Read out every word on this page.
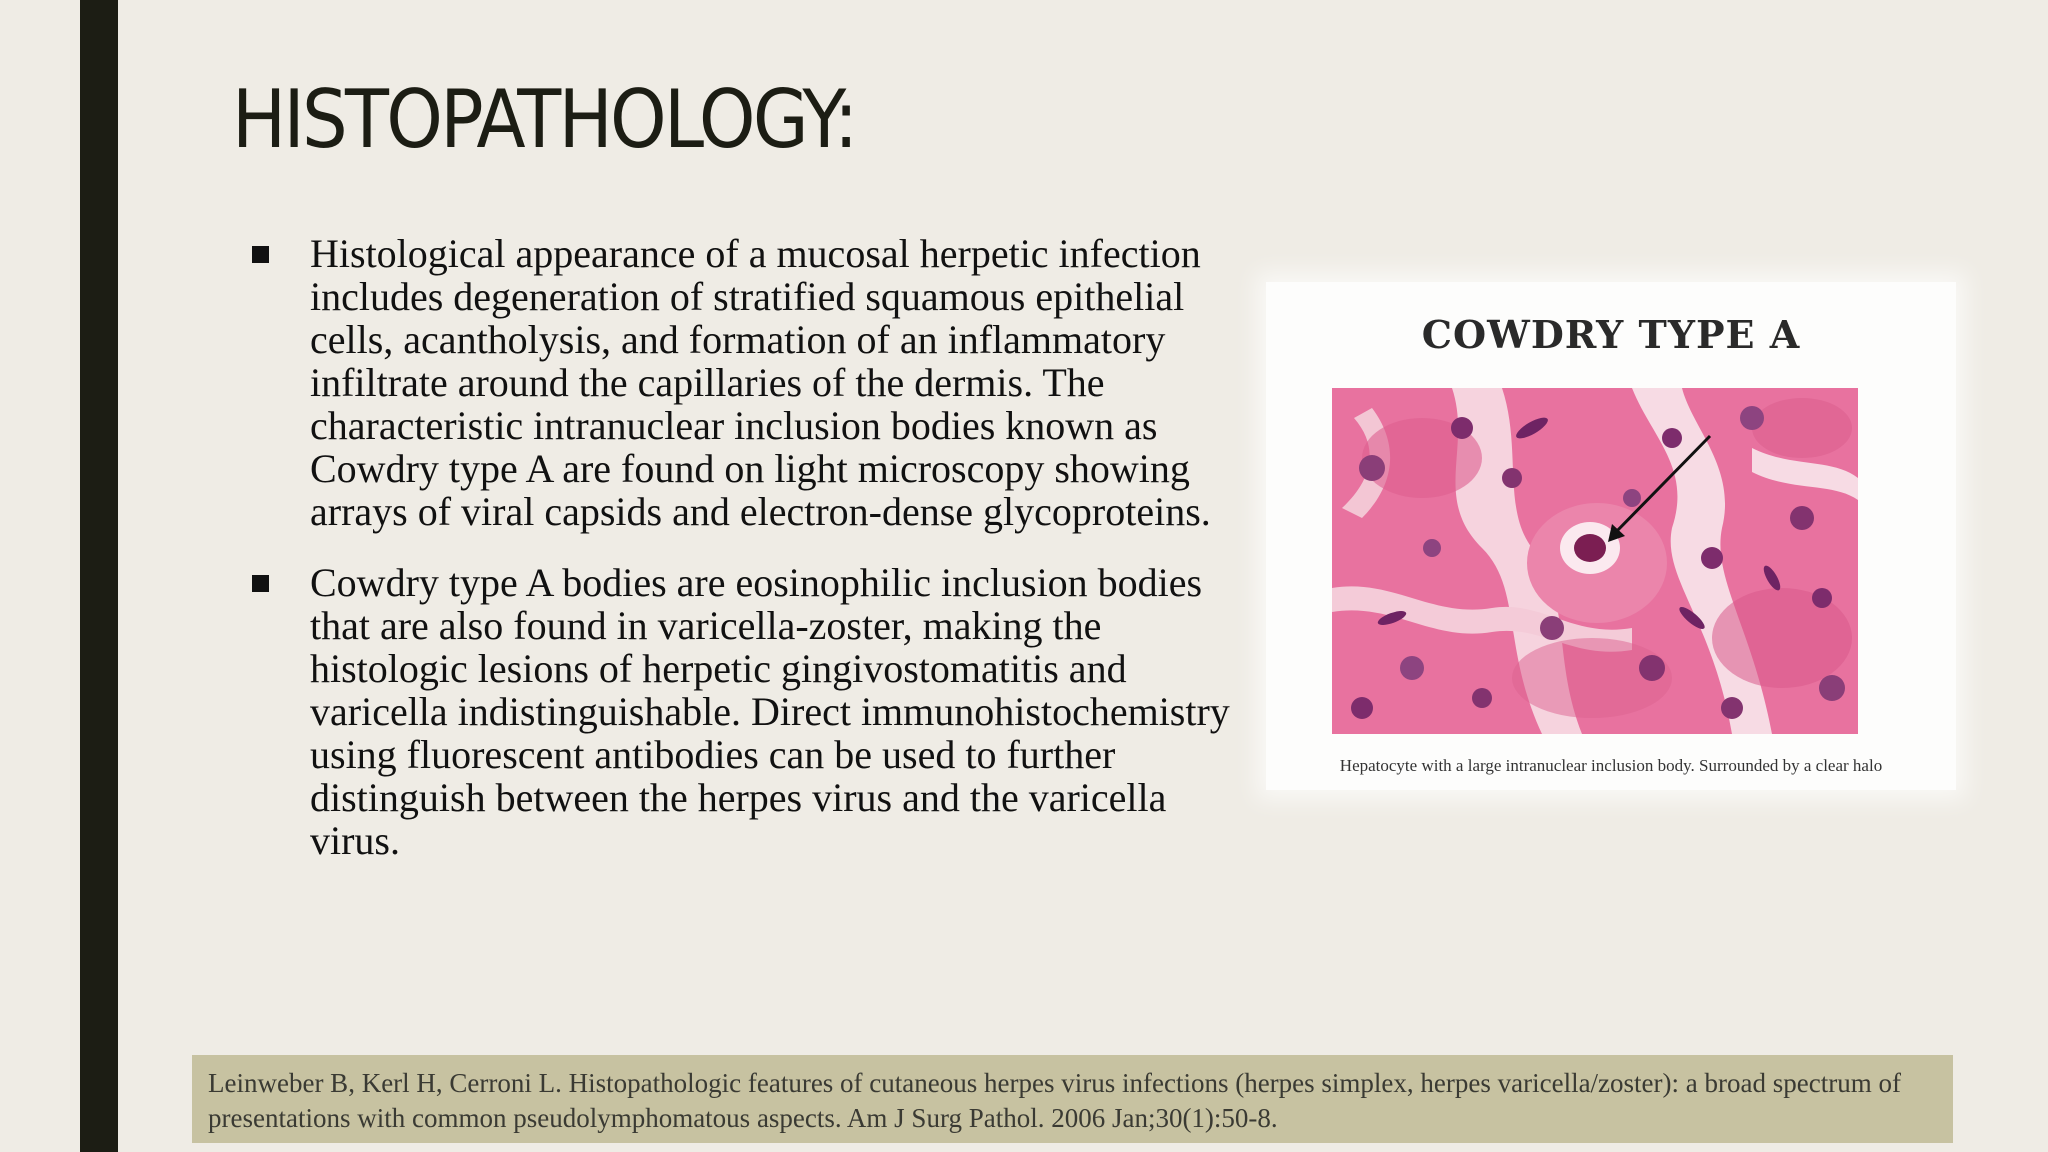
HISTOPATHOLOGY:
Histological appearance of a mucosal herpetic infection includes degeneration of stratified squamous epithelial cells, acantholysis, and formation of an inflammatory infiltrate around the capillaries of the dermis. The characteristic intranuclear inclusion bodies known as Cowdry type A are found on light microscopy showing arrays of viral capsids and electron-dense glycoproteins.
Cowdry type A bodies are eosinophilic inclusion bodies that are also found in varicella-zoster, making the histologic lesions of herpetic gingivostomatitis and varicella indistinguishable. Direct immunohistochemistry using fluorescent antibodies can be used to further distinguish between the herpes virus and the varicella virus.
COWDRY TYPE A
Hepatocyte with a large intranuclear inclusion body. Surrounded by a clear halo
Leinweber B, Kerl H, Cerroni L. Histopathologic features of cutaneous herpes virus infections (herpes simplex, herpes varicella/zoster): a broad spectrum of presentations with common pseudolymphomatous aspects. Am J Surg Pathol. 2006 Jan;30(1):50-8.
